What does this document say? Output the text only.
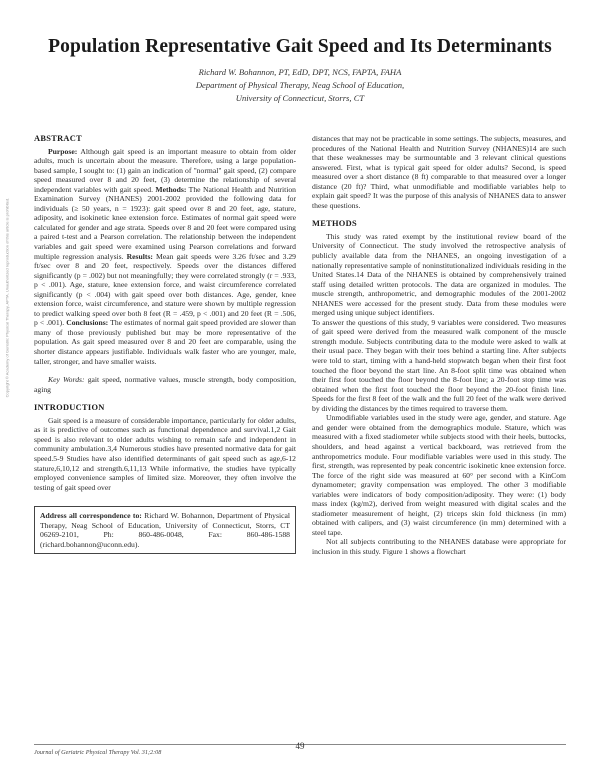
Population Representative Gait Speed and Its Determinants
Richard W. Bohannon, PT, EdD, DPT, NCS, FAPTA, FAHA
Department of Physical Therapy, Neag School of Education,
University of Connecticut, Storrs, CT
Copyright © Academy of Geriatric Physical Therapy, APTA. Unauthorized reproduction of this article is prohibited.
ABSTRACT

Purpose: Although gait speed is an important measure to obtain from older adults, much is uncertain about the measure. Therefore, using a large population-based sample, I sought to: (1) gain an indication of "normal" gait speed, (2) compare speed measured over 8 and 20 feet, (3) determine the relationship of several independent variables with gait speed. Methods: The National Health and Nutrition Examination Survey (NHANES) 2001-2002 provided the following data for individuals (≥ 50 years, n = 1923): gait speed over 8 and 20 feet, age, stature, adiposity, and isokinetic knee extension force. Estimates of normal gait speed were calculated for gender and age strata. Speeds over 8 and 20 feet were compared using a paired t-test and a Pearson correlation. The relationship between the independent variables and gait speed were examined using Pearson correlations and forward multiple regression analysis. Results: Mean gait speeds were 3.26 ft/sec and 3.29 ft/sec over 8 and 20 feet, respectively. Speeds over the distances differed significantly (p = .002) but not meaningfully; they were correlated strongly (r = .933, p < .001). Age, stature, knee extension force, and waist circumference correlated significantly (p < .004) with gait speed over both distances. Age, gender, knee extension force, waist circumference, and stature were shown by multiple regression to predict walking speed over both 8 feet (R = .459, p < .001) and 20 feet (R = .506, p < .001). Conclusions: The estimates of normal gait speed provided are slower than many of those previously published but may be more representative of the population. As gait speed measured over 8 and 20 feet are comparable, using the shorter distance appears justifiable. Individuals walk faster who are younger, male, taller, stronger, and have smaller waists.

Key Words: gait speed, normative values, muscle strength, body composition, aging

INTRODUCTION

Gait speed is a measure of considerable importance, particularly for older adults, as it is predictive of outcomes such as functional dependence and survival.1,2 Gait speed is also relevant to older adults wishing to remain safe and independent in community ambulation.3,4 Numerous studies have presented normative data for gait speed.5-9 Studies have also identified determinants of gait speed such as age,6-12 stature,6,10,12 and strength.6,11,13 While informative, the studies have typically employed convenience samples of limited size. Moreover, they often involve the testing of gait speed over

Address all correspondence to: Richard W. Bohannon, Department of Physical Therapy, Neag School of Education, University of Connecticut, Storrs, CT 06269-2101, Ph: 860-486-0048, Fax: 860-486-1588 (richard.bohannon@uconn.edu).

distances that may not be practicable in some settings. The subjects, measures, and procedures of the National Health and Nutrition Survey (NHANES)14 are such that these weaknesses may be surmountable and 3 relevant clinical questions answered. First, what is typical gait speed for older adults? Second, is speed measured over a short distance (8 ft) comparable to that measured over a longer distance (20 ft)? Third, what unmodifiable and modifiable variables help to explain gait speed? It was the purpose of this analysis of NHANES data to answer these questions.

METHODS

This study was rated exempt by the institutional review board of the University of Connecticut. The study involved the retrospective analysis of publicly available data from the NHANES, an ongoing investigation of a nationally representative sample of noninstitutionalized individuals residing in the United States.14 Data of the NHANES is obtained by comprehensively trained staff using detailed written protocols. The data are organized in modules. The muscle strength, anthropometric, and demographic modules of the 2001-2002 NHANES were accessed for the present study. Data from these modules were merged using unique subject identifiers.

To answer the questions of this study, 9 variables were considered. Two measures of gait speed were derived from the measured walk component of the muscle strength module. Subjects contributing data to the module were asked to walk at their usual pace. They began with their toes behind a starting line. After subjects were told to start, timing with a hand-held stopwatch began when their first foot touched the floor beyond the start line. An 8-foot split time was obtained when their first foot touched the floor beyond the 8-foot line; a 20-foot stop time was obtained when the first foot touched the floor beyond the 20-foot finish line. Speeds for the first 8 feet of the walk and the full 20 feet of the walk were derived by dividing the distances by the times required to traverse them.

Unmodifiable variables used in the study were age, gender, and stature. Age and gender were obtained from the demographics module. Stature, which was measured with a fixed stadiometer while subjects stood with their heels, buttocks, shoulders, and head against a vertical backboard, was retrieved from the anthropometrics module. Four modifiable variables were used in this study. The first, strength, was represented by peak concentric isokinetic knee extension force. The force of the right side was measured at 60° per second with a KinCom dynamometer; gravity compensation was employed. The other 3 modifiable variables were indicators of body composition/adiposity. They were: (1) body mass index (kg/m2), derived from weight measured with digital scales and the stadiometer measurement of height, (2) triceps skin fold thickness (in mm) obtained with calipers, and (3) waist circumference (in mm) determined with a steel tape.

Not all subjects contributing to the NHANES database were appropriate for inclusion in this study. Figure 1 shows a flowchart

Journal of Geriatric Physical Therapy Vol. 31;2:08
49
